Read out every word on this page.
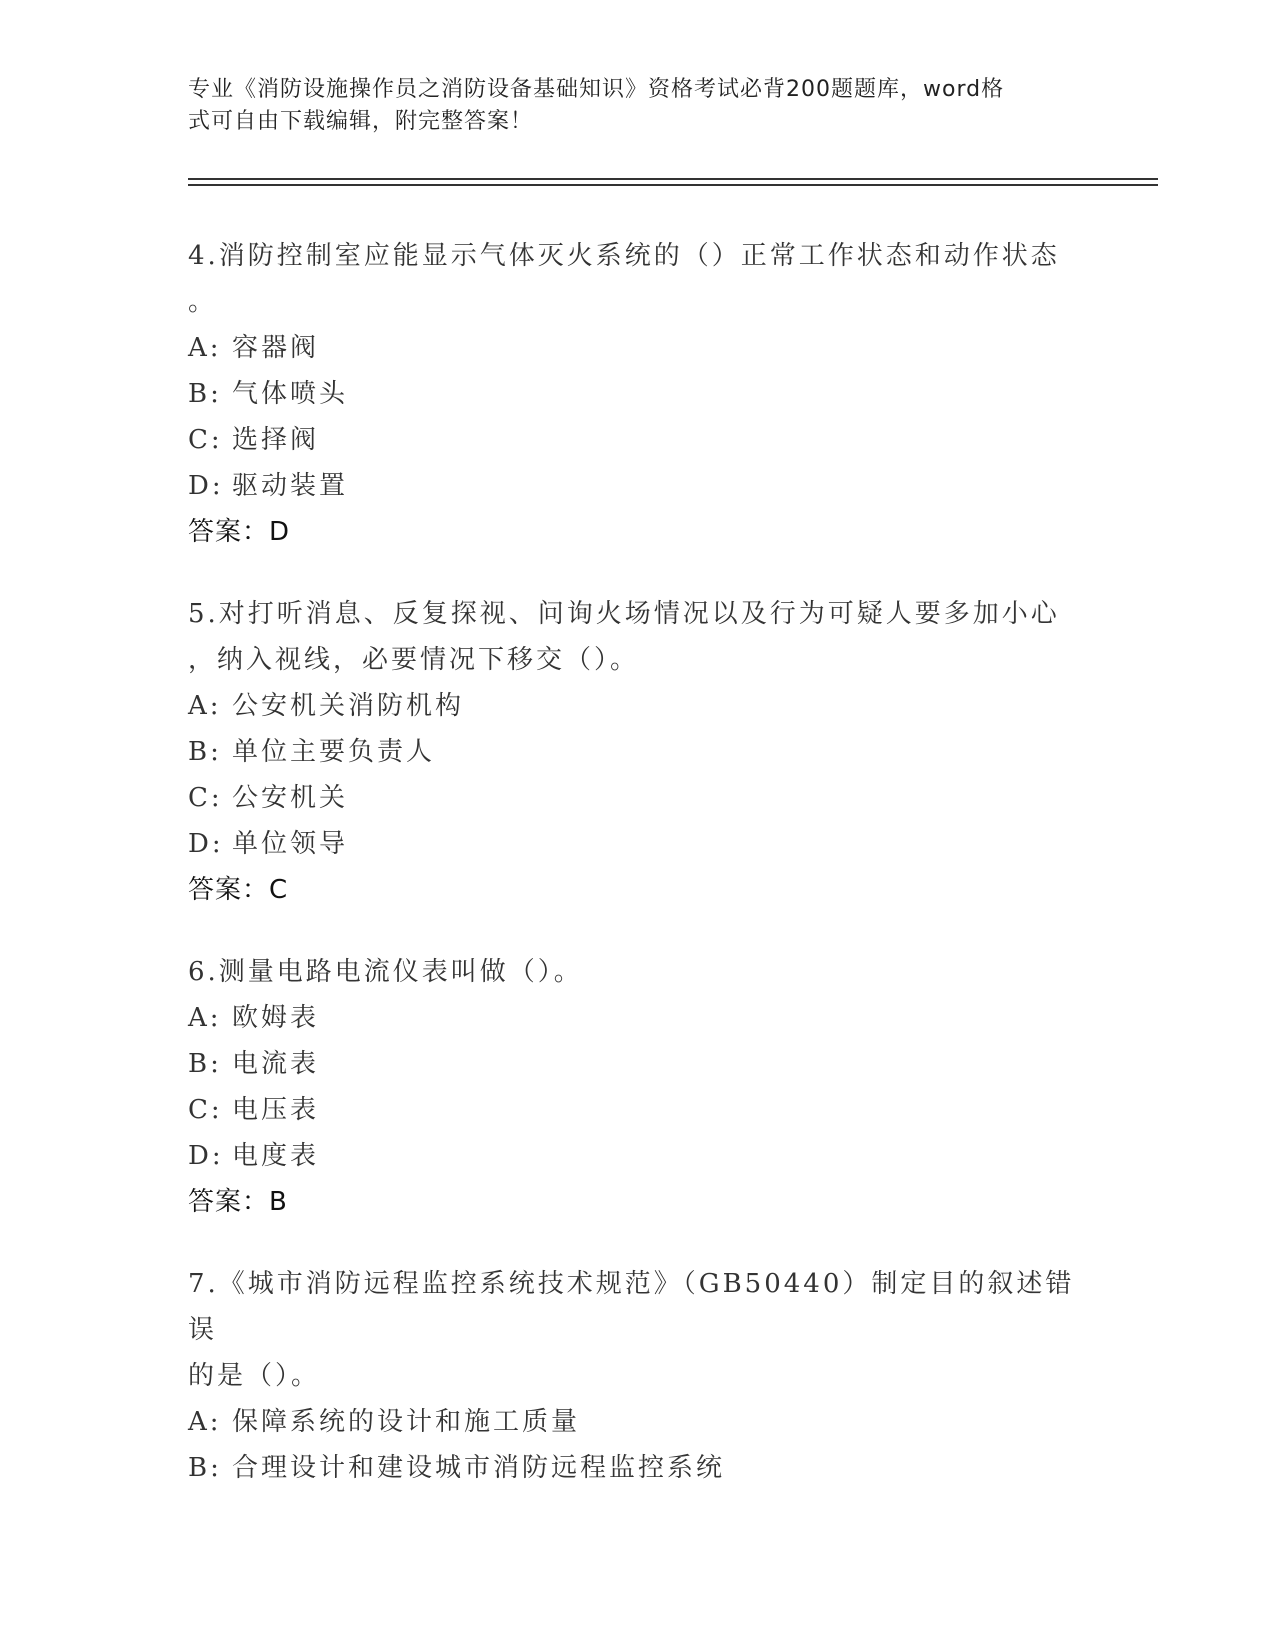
专业《消防设施操作员之消防设备基础知识》资格考试必背200题题库，word格
式可自由下载编辑，附完整答案！
4.消防控制室应能显示气体灭火系统的（）正常工作状态和动作状态
。
A: 容器阀
B: 气体喷头
C: 选择阀
D: 驱动装置
答案：D
5.对打听消息、反复探视、问询火场情况以及行为可疑人要多加小心
，纳入视线，必要情况下移交（）。
A: 公安机关消防机构
B: 单位主要负责人
C: 公安机关
D: 单位领导
答案：C
6.测量电路电流仪表叫做（）。
A: 欧姆表
B: 电流表
C: 电压表
D: 电度表
答案：B
7.《城市消防远程监控系统技术规范》（GB50440）制定目的叙述错误
的是（）。
A: 保障系统的设计和施工质量
B: 合理设计和建设城市消防远程监控系统
